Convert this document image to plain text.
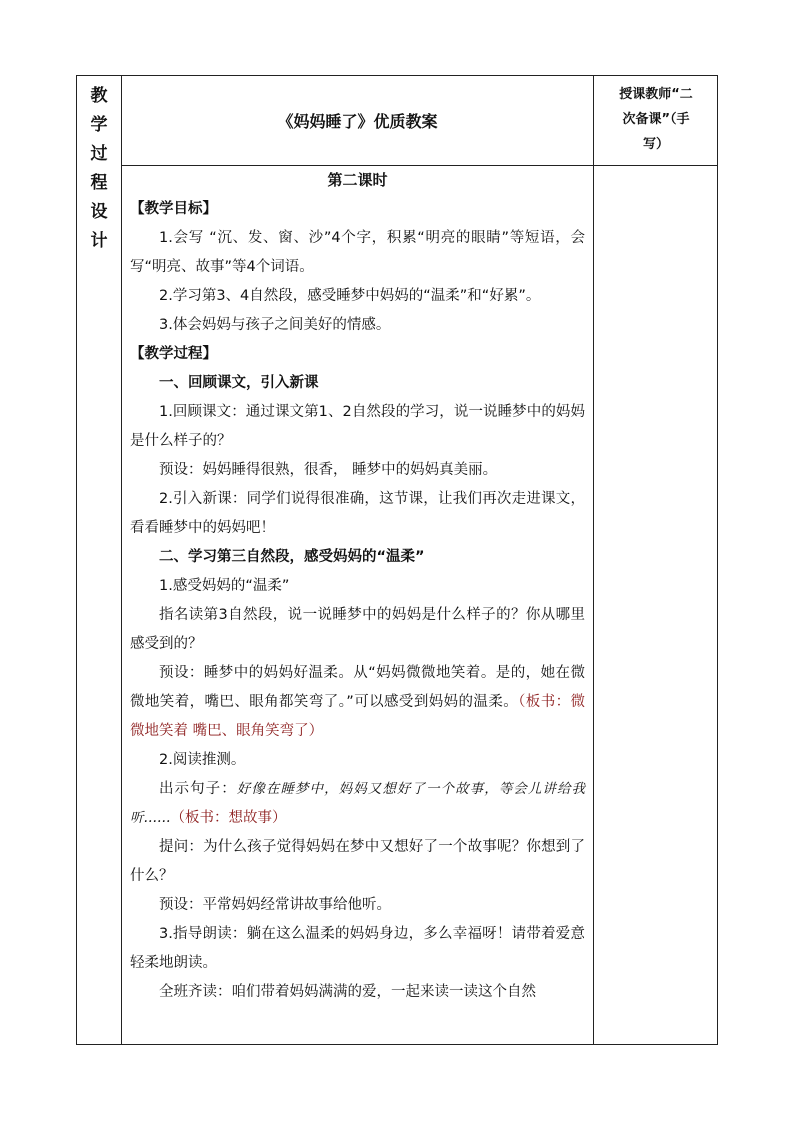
教
学
过
程
设
计
《妈妈睡了》优质教案
授课教师“二
次备课”（手
写）

第二课时

【教学目标】

1.会写 “沉、发、窗、沙”4个字，积累“明亮的眼睛”等短语，会写“明亮、故事”等4个词语。

2.学习第3、4自然段，感受睡梦中妈妈的“温柔”和“好累”。

3.体会妈妈与孩子之间美好的情感。

【教学过程】

一、回顾课文，引入新课

1.回顾课文：通过课文第1、2自然段的学习，说一说睡梦中的妈妈是什么样子的？

预设：妈妈睡得很熟，很香， 睡梦中的妈妈真美丽。

2.引入新课：同学们说得很准确，这节课，让我们再次走进课文，看看睡梦中的妈妈吧！

二、学习第三自然段，感受妈妈的“温柔”

1.感受妈妈的“温柔”

指名读第3自然段，说一说睡梦中的妈妈是什么样子的？你从哪里感受到的？

预设：睡梦中的妈妈好温柔。从“妈妈微微地笑着。是的，她在微微地笑着，嘴巴、眼角都笑弯了。”可以感受到妈妈的温柔。（板书：微微地笑着 嘴巴、眼角笑弯了）

2.阅读推测。

出示句子：好像在睡梦中，妈妈又想好了一个故事，等会儿讲给我听……（板书：想故事）

提问：为什么孩子觉得妈妈在梦中又想好了一个故事呢？你想到了什么？

预设：平常妈妈经常讲故事给他听。

3.指导朗读：躺在这么温柔的妈妈身边，多么幸福呀！请带着爱意轻柔地朗读。

全班齐读：咱们带着妈妈满满的爱，一起来读一读这个自然
